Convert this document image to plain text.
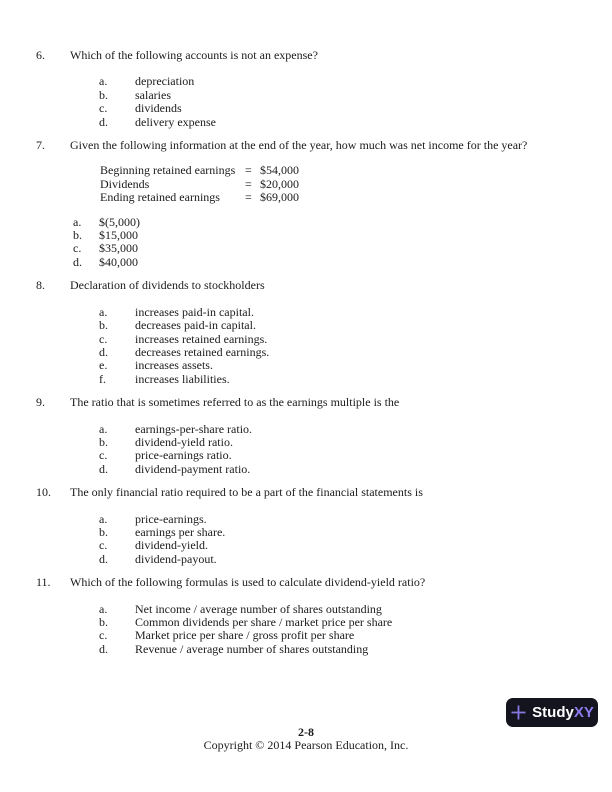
6.	Which of the following accounts is not an expense?
a.	depreciation
b.	salaries
c.	dividends
d.	delivery expense
7.	Given the following information at the end of the year, how much was net income for the year?
Beginning retained earnings = $54,000
Dividends	= $20,000
Ending retained earnings	= $69,000
a.	$(5,000)
b.	$15,000
c.	$35,000
d.	$40,000
8.	Declaration of dividends to stockholders
a.	increases paid-in capital.
b.	decreases paid-in capital.
c.	increases retained earnings.
d.	decreases retained earnings.
e.	increases assets.
f.	increases liabilities.
9.	The ratio that is sometimes referred to as the earnings multiple is the
a.	earnings-per-share ratio.
b.	dividend-yield ratio.
c.	price-earnings ratio.
d.	dividend-payment ratio.
10.	The only financial ratio required to be a part of the financial statements is
a.	price-earnings.
b.	earnings per share.
c.	dividend-yield.
d.	dividend-payout.
11.	Which of the following formulas is used to calculate dividend-yield ratio?
a.	Net income / average number of shares outstanding
b.	Common dividends per share / market price per share
c.	Market price per share / gross profit per share
d.	Revenue / average number of shares outstanding
StudyXY
2-8
Copyright © 2014 Pearson Education, Inc.
